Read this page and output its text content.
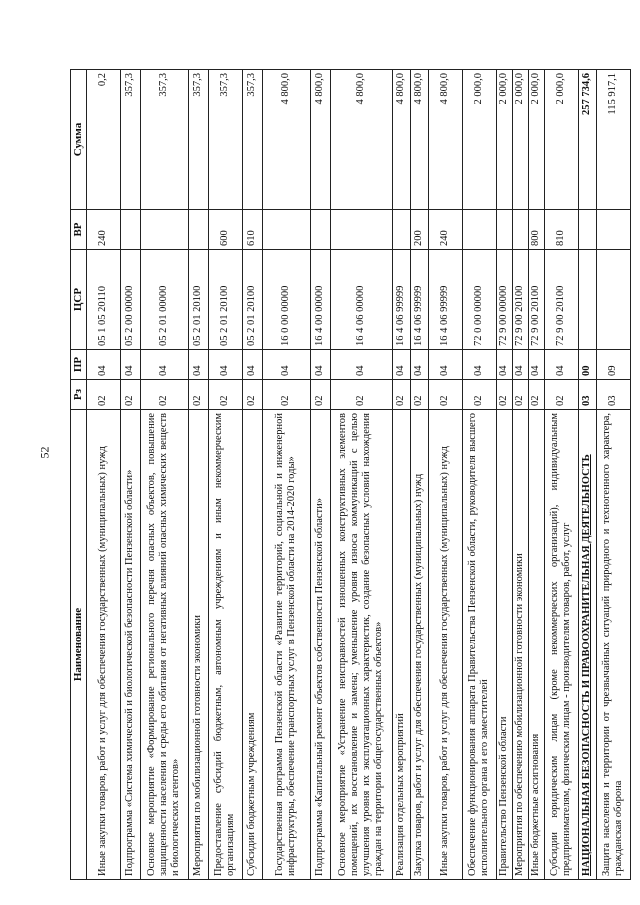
52
Наименование	Рз	ПР	ЦСР	ВР	Сумма
Иные закупки товаров, работ и услуг для обеспечения государственных (муниципальных) нужд	02	04	05 1 05 20110	240	0,2
Подпрограмма «Система химической и биологической безопасности Пензенской области»	02	04	05 2 00 00000		357,3
Основное мероприятие «Формирование регионального перечня опасных объектов, повышение защищенности населения и среды его обитания от негативных влияний опасных химических веществ и биологических агентов»	02	04	05 2 01 00000		357,3
Мероприятия по мобилизационной готовности экономики	02	04	05 2 01 20100		357,3
Предоставление субсидий бюджетным, автономным учреждениям и иным некоммерческим организациям	02	04	05 2 01 20100	600	357,3
Субсидии бюджетным учреждениям	02	04	05 2 01 20100	610	357,3
Государственная программа Пензенской области «Развитие территорий, социальной и инженерной инфраструктуры, обеспечение транспортных услуг в Пензенской области на 2014-2020 годы»	02	04	16 0 00 00000		4 800,0
Подпрограмма «Капитальный ремонт объектов собственности Пензенской области»	02	04	16 4 00 00000		4 800,0
Основное мероприятие «Устранение неисправностей изношенных конструктивных элементов помещений, их восстановление и замена; уменьшение уровня износа коммуникаций с целью улучшения уровня их эксплуатационных характеристик, создание безопасных условий нахождения граждан на территории общегосударственных объектов»	02	04	16 4 06 00000		4 800,0
Реализация отдельных мероприятий	02	04	16 4 06 99999		4 800,0
Закупка товаров, работ и услуг для обеспечения государственных (муниципальных) нужд	02	04	16 4 06 99999	200	4 800,0
Иные закупки товаров, работ и услуг для обеспечения государственных (муниципальных) нужд	02	04	16 4 06 99999	240	4 800,0
Обеспечение функционирования аппарата Правительства Пензенской области, руководителя высшего исполнительного органа и его заместителей	02	04	72 0 00 00000		2 000,0
Правительство Пензенской области	02	04	72 9 00 00000		2 000,0
Мероприятия по обеспечению мобилизационной готовности экономики	02	04	72 9 00 20100		2 000,0
Иные бюджетные ассигнования	02	04	72 9 00 20100	800	2 000,0
Субсидии юридическим лицам (кроме некоммерческих организаций), индивидуальным предпринимателям, физическим лицам - производителям товаров, работ, услуг	02	04	72 9 00 20100	810	2 000,0
НАЦИОНАЛЬНАЯ БЕЗОПАСНОСТЬ И ПРАВООХРАНИТЕЛЬНАЯ ДЕЯТЕЛЬНОСТЬ	03	00			257 734,6
Защита населения и территории от чрезвычайных ситуаций природного и техногенного характера, гражданская оборона	03	09			115 917,1
